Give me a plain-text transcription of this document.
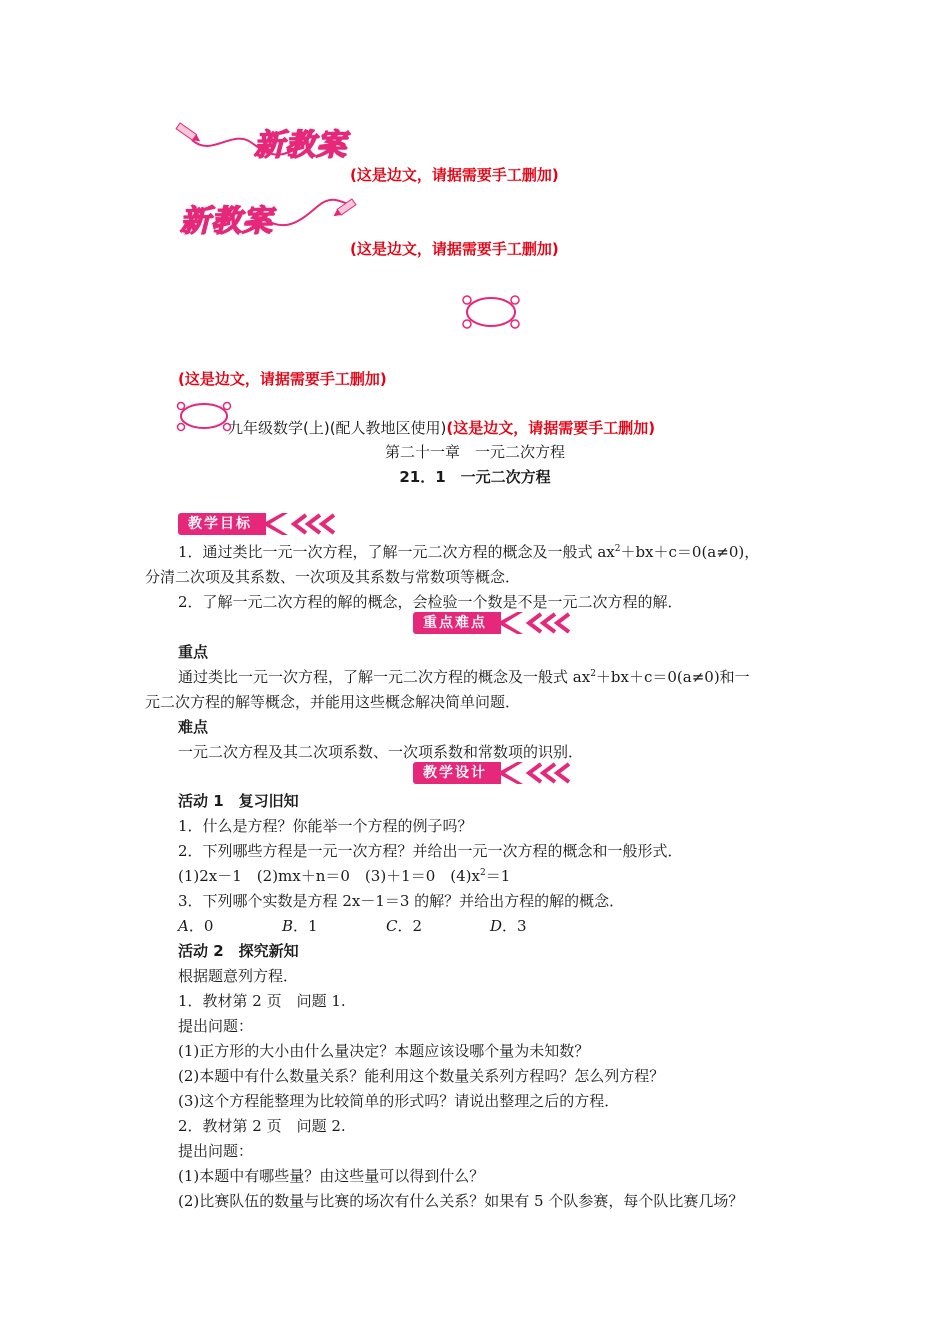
新教案
(这是边文，请据需要手工删加)
新教案
(这是边文，请据需要手工删加)
(这是边文，请据需要手工删加)
九年级数学(上)(配人教地区使用)(这是边文，请据需要手工删加)
第二十一章　一元二次方程
21．1　一元二次方程
教学目标
1．通过类比一元一次方程，了解一元二次方程的概念及一般式 $ax^2+bx+c=0(a\ne 0)$，
分清二次项及其系数、一次项及其系数与常数项等概念．
2．了解一元二次方程的解的概念，会检验一个数是不是一元二次方程的解．
重点难点
重点
通过类比一元一次方程，了解一元二次方程的概念及一般式 $ax^2+bx+c=0(a\ne 0)$和一
元二次方程的解等概念，并能用这些概念解决简单问题．
难点
一元二次方程及其二次项系数、一次项系数和常数项的识别．
教学设计
活动 1　复习旧知
1．什么是方程？你能举一个方程的例子吗？
2．下列哪些方程是一元一次方程？并给出一元一次方程的概念和一般形式．
(1)2x－1　(2)mx＋n＝0　(3)＋1＝0　$(4)x^2=1$
3．下列哪个实数是方程 2x－1＝3 的解？并给出方程的解的概念．
A．0	B．1	C．2	D．3
活动 2　探究新知
根据题意列方程．
1．教材第 2 页　问题 1.
提出问题：
(1)正方形的大小由什么量决定？本题应该设哪个量为未知数？
(2)本题中有什么数量关系？能利用这个数量关系列方程吗？怎么列方程？
(3)这个方程能整理为比较简单的形式吗？请说出整理之后的方程．
2．教材第 2 页　问题 2.
提出问题：
(1)本题中有哪些量？由这些量可以得到什么？
(2)比赛队伍的数量与比赛的场次有什么关系？如果有 5 个队参赛，每个队比赛几场？
